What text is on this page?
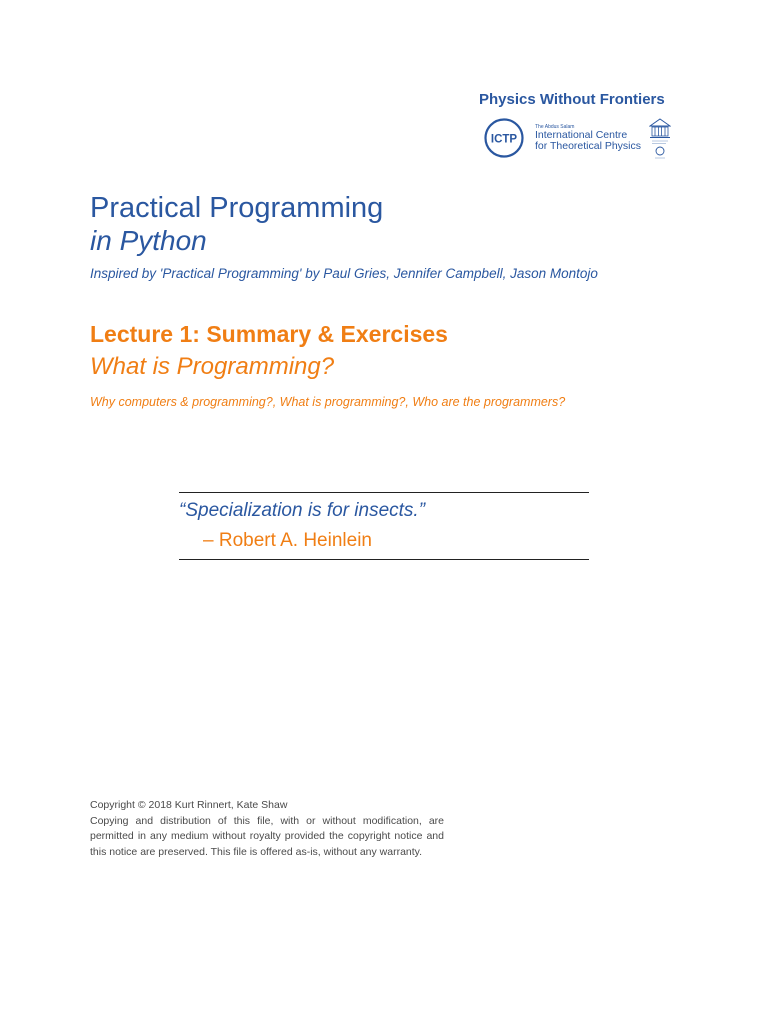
Physics Without Frontiers
ICTP
The Abdus Salam
International Centre
for Theoretical Physics
Practical Programming
in Python
Inspired by 'Practical Programming' by Paul Gries, Jennifer Campbell, Jason Montojo
Lecture 1: Summary & Exercises
What is Programming?
Why computers & programming?, What is programming?, Who are the programmers?
“Specialization is for insects.”
– Robert A. Heinlein

Copyright © 2018 Kurt Rinnert, Kate Shaw

Copying and distribution of this file, with or without modification, are permitted in any medium without royalty provided the copyright notice and this notice are preserved. This file is offered as-is, without any warranty.
